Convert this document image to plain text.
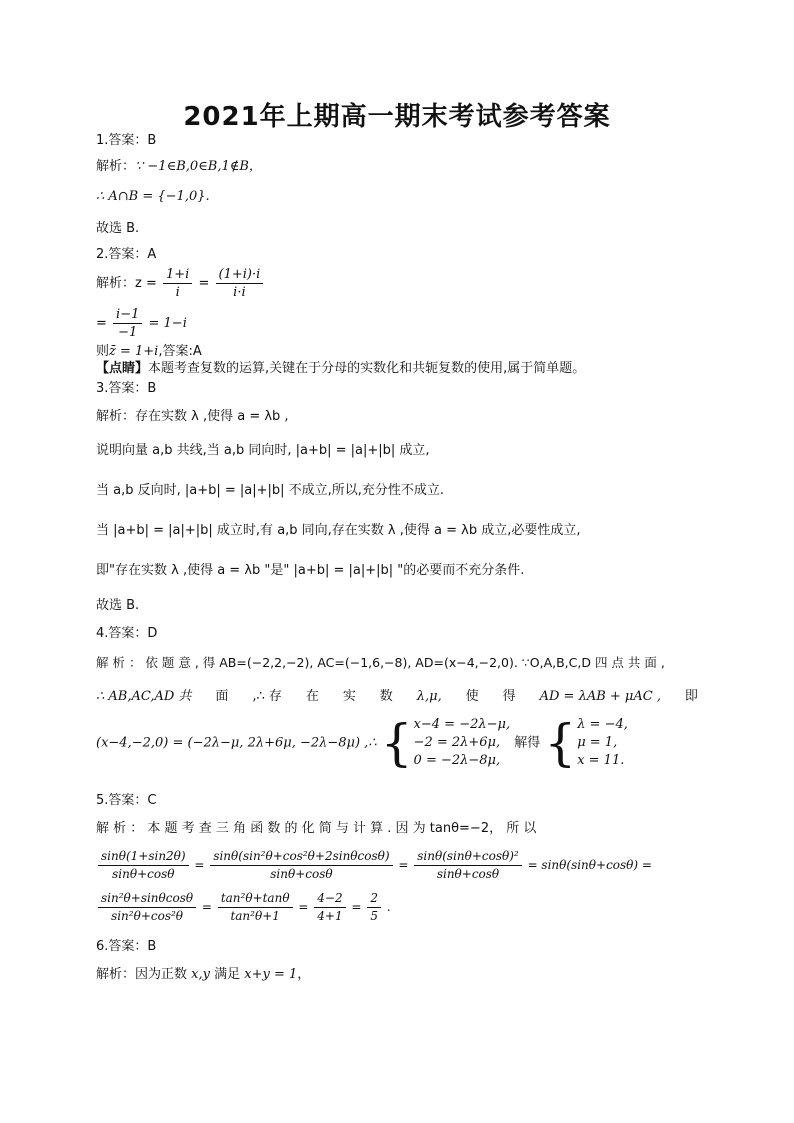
2021年上期高一期末考试参考答案
1.答案：B
解析：∵ −1∈B,0∈B,1∉B，
∴ A∩B = {−1,0}.
故选 B.
2.答案：A
解析：$z = \frac{1+i}{i} = \frac{(1+i)\cdot i}{i\cdot i}$
= $\frac{i-1}{-1} = 1-i$
则z̄ = 1+i,答案:A
【点睛】本题考查复数的运算,关键在于分母的实数化和共轭复数的使用,属于简单题。
3.答案：B
解析：存在实数 λ ,使得 a = λb ,
说明向量 a,b 共线,当 a,b 同向时, |a+b| = |a|+|b| 成立,
当 a,b 反向时, |a+b| = |a|+|b| 不成立,所以,充分性不成立.
当 |a+b| = |a|+|b| 成立时,有 a,b 同向,存在实数 λ ,使得 a = λb 成立,必要性成立,
即"存在实数 λ ,使得 a = λb "是" |a+b| = |a|+|b| "的必要而不充分条件.
故选 B.
4.答案：D
解 析 ： 依 题 意 , 得 AB=(−2,2,−2), AC=(−1,6,−8), AD=(x−4,−2,0). ∵O,A,B,C,D 四 点 共 面 ,
∴ AB,AC,AD 共 面 ,∴ 存 在 实 数 λ,μ, 使 得 AD = λAB + μAC , 即
(x−4,−2,0) = (−2λ−μ, 2λ+6μ, −2λ−8μ) ,∴ { x−4 = −2λ−μ,
−2 = 2λ+6μ,
0 = −2λ−8μ,
解得 { λ = −4,
μ = 1,
x = 11.
5.答案：C
解 析 ： 本 题 考 查 三 角 函 数 的 化 简 与 计 算 . 因 为 tanθ=−2， 所 以
$\frac{\sin\theta(1+\sin 2\theta)}{\sin\theta+\cos\theta} = \frac{\text{sinθ(sin²θ+cos²θ+2sinθcosθ)}}{\sin\theta+\cos\theta} = \frac{\text{sinθ(sinθ+cosθ)²}}{\sin\theta+\cos\theta} = \sin\theta(\sin\theta+\cos\theta)$ =
$\frac{\text{sin²θ+sinθcosθ}}{\text{sin²θ+cos²θ}} = \frac{\text{tan²θ+tanθ}}{\text{tan²θ+1}} = \frac{4-2}{4+1} = \frac{2}{5}$ .
6.答案：B
解析：因为正数 x,y 满足 x+y = 1，
